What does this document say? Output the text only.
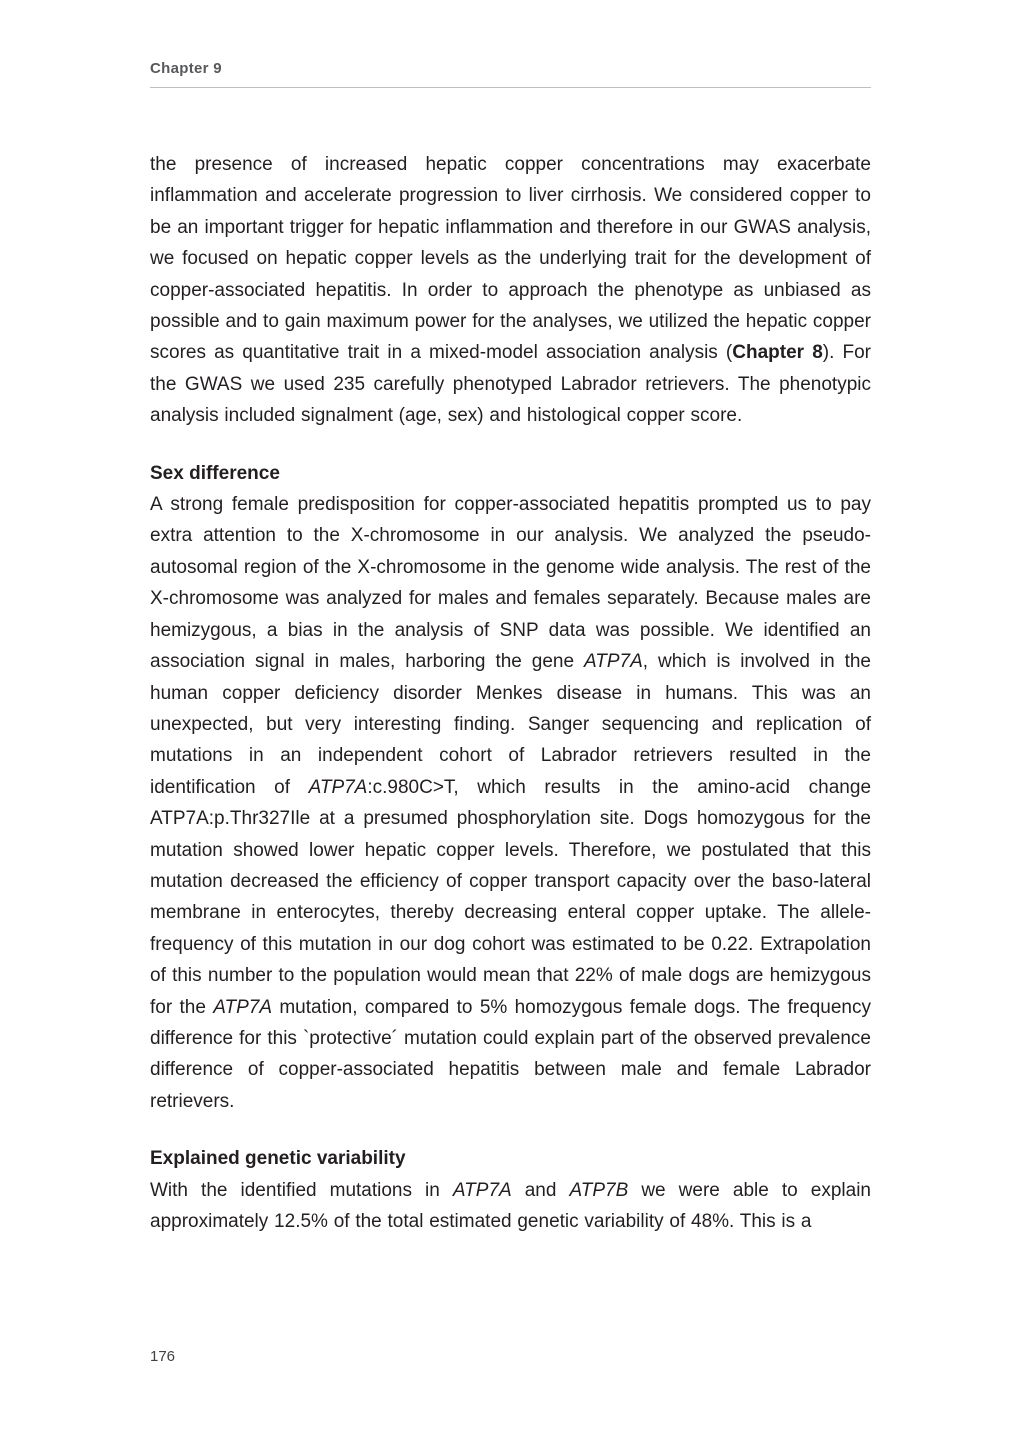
Chapter 9

the presence of increased hepatic copper concentrations may exacerbate inflammation and accelerate progression to liver cirrhosis. We considered copper to be an important trigger for hepatic inflammation and therefore in our GWAS analysis, we focused on hepatic copper levels as the underlying trait for the development of copper-associated hepatitis. In order to approach the phenotype as unbiased as possible and to gain maximum power for the analyses, we utilized the hepatic copper scores as quantitative trait in a mixed-model association analysis (Chapter 8). For the GWAS we used 235 carefully phenotyped Labrador retrievers. The phenotypic analysis included signalment (age, sex) and histological copper score.

Sex difference

A strong female predisposition for copper-associated hepatitis prompted us to pay extra attention to the X-chromosome in our analysis. We analyzed the pseudo-autosomal region of the X-chromosome in the genome wide analysis. The rest of the X-chromosome was analyzed for males and females separately. Because males are hemizygous, a bias in the analysis of SNP data was possible. We identified an association signal in males, harboring the gene ATP7A, which is involved in the human copper deficiency disorder Menkes disease in humans. This was an unexpected, but very interesting finding. Sanger sequencing and replication of mutations in an independent cohort of Labrador retrievers resulted in the identification of ATP7A:c.980C>T, which results in the amino-acid change ATP7A:p.Thr327Ile at a presumed phosphorylation site. Dogs homozygous for the mutation showed lower hepatic copper levels. Therefore, we postulated that this mutation decreased the efficiency of copper transport capacity over the baso-lateral membrane in enterocytes, thereby decreasing enteral copper uptake. The allele-frequency of this mutation in our dog cohort was estimated to be 0.22. Extrapolation of this number to the population would mean that 22% of male dogs are hemizygous for the ATP7A mutation, compared to 5% homozygous female dogs. The frequency difference for this `protective´ mutation could explain part of the observed prevalence difference of copper-associated hepatitis between male and female Labrador retrievers.

Explained genetic variability

With the identified mutations in ATP7A and ATP7B we were able to explain approximately 12.5% of the total estimated genetic variability of 48%. This is a

176
